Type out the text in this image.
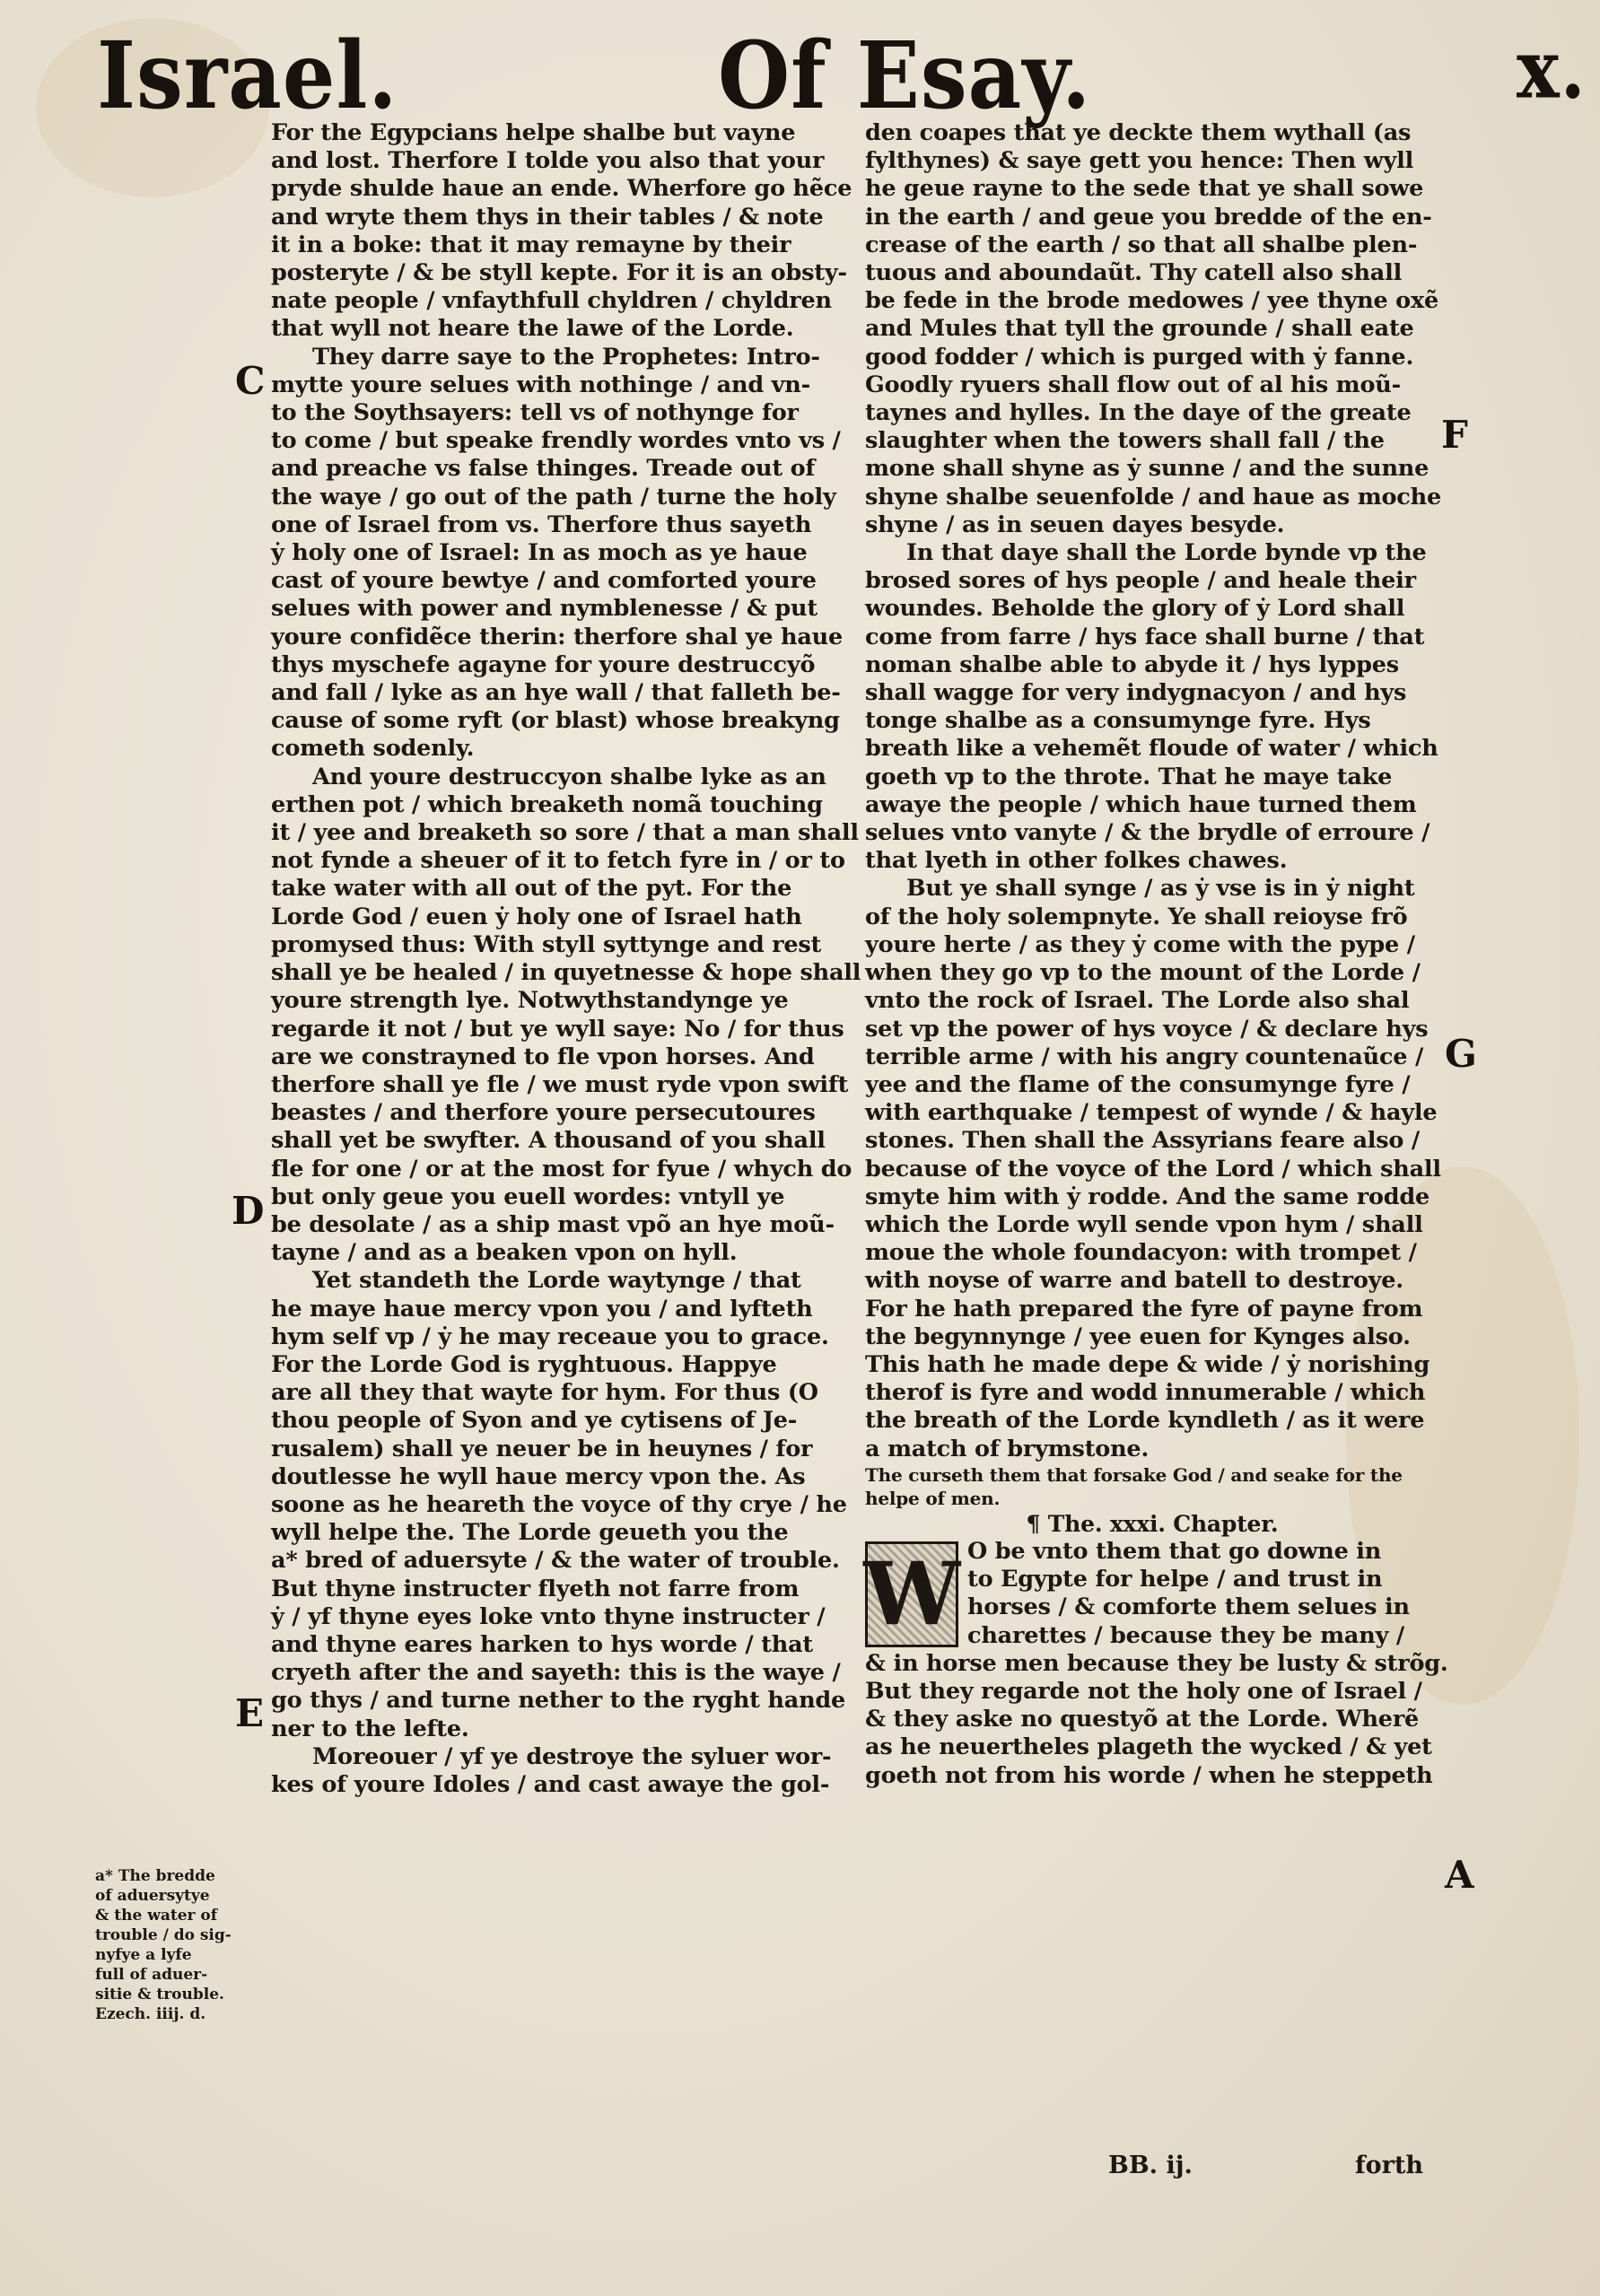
Israel.	Of Esay.	x.
C
D
E
F
G
A

For the Egypcians helpe shalbe but vayne
and lost. Therfore I tolde you also that your
pryde shulde haue an ende. Wherfore go hẽce
and wryte them thys in their tables / & note
it in a boke: that it may remayne by their
posteryte / & be styll kepte. For it is an obsty-
nate people / vnfaythfull chyldren / chyldren
that wyll not heare the lawe of the Lorde.

They darre saye to the Prophetes: Intro-
mytte youre selues with nothinge / and vn-
to the Soythsayers: tell vs of nothynge for
to come / but speake frendly wordes vnto vs /
and preache vs false thinges. Treade out of
the waye / go out of the path / turne the holy
one of Israel from vs. Therfore thus sayeth
ẏ holy one of Israel: In as moch as ye haue
cast of youre bewtye / and comforted youre
selues with power and nymblenesse / & put
youre confidẽce therin: therfore shal ye haue
thys myschefe agayne for youre destruccyõ
and fall / lyke as an hye wall / that falleth be-
cause of some ryft (or blast) whose breakyng
cometh sodenly.

And youre destruccyon shalbe lyke as an
erthen pot / which breaketh nomã touching
it / yee and breaketh so sore / that a man shall
not fynde a sheuer of it to fetch fyre in / or to
take water with all out of the pyt. For the
Lorde God / euen ẏ holy one of Israel hath
promysed thus: With styll syttynge and rest
shall ye be healed / in quyetnesse & hope shall
youre strength lye. Notwythstandynge ye
regarde it not / but ye wyll saye: No / for thus
are we constrayned to fle vpon horses. And
therfore shall ye fle / we must ryde vpon swift
beastes / and therfore youre persecutoures
shall yet be swyfter. A thousand of you shall
fle for one / or at the most for fyue / whych do
but only geue you euell wordes: vntyll ye
be desolate / as a ship mast vpõ an hye moũ-
tayne / and as a beaken vpon on hyll.

Yet standeth the Lorde waytynge / that
he maye haue mercy vpon you / and lyfteth
hym self vp / ẏ he may receaue you to grace.
For the Lorde God is ryghtuous. Happye
are all they that wayte for hym. For thus (O
thou people of Syon and ye cytisens of Je-
rusalem) shall ye neuer be in heuynes / for
doutlesse he wyll haue mercy vpon the. As
soone as he heareth the voyce of thy crye / he
wyll helpe the. The Lorde geueth you the
a* bred of aduersyte / & the water of trouble.
But thyne instructer flyeth not farre from
ẏ / yf thyne eyes loke vnto thyne instructer /
and thyne eares harken to hys worde / that
cryeth after the and sayeth: this is the waye /
go thys / and turne nether to the ryght hande
ner to the lefte.

Moreouer / yf ye destroye the syluer wor-
kes of youre Idoles / and cast awaye the gol-

a* The bredde
of aduersytye
& the water of
trouble / do sig-
nyfye a lyfe
full of aduer-
sitie & trouble.
Ezech. iiij. d.

den coapes that ye deckte them wythall (as
fylthynes) & saye gett you hence: Then wyll
he geue rayne to the sede that ye shall sowe
in the earth / and geue you bredde of the en-
crease of the earth / so that all shalbe plen-
tuous and aboundaũt. Thy catell also shall
be fede in the brode medowes / yee thyne oxẽ
and Mules that tyll the grounde / shall eate
good fodder / which is purged with ẏ fanne.
Goodly ryuers shall flow out of al his moũ-
taynes and hylles. In the daye of the greate
slaughter when the towers shall fall / the
mone shall shyne as ẏ sunne / and the sunne
shyne shalbe seuenfolde / and haue as moche
shyne / as in seuen dayes besyde.

In that daye shall the Lorde bynde vp the
brosed sores of hys people / and heale their
woundes. Beholde the glory of ẏ Lord shall
come from farre / hys face shall burne / that
noman shalbe able to abyde it / hys lyppes
shall wagge for very indygnacyon / and hys
tonge shalbe as a consumynge fyre. Hys
breath like a vehemẽt floude of water / which
goeth vp to the throte. That he maye take
awaye the people / which haue turned them
selues vnto vanyte / & the brydle of erroure /
that lyeth in other folkes chawes.

But ye shall synge / as ẏ vse is in ẏ night
of the holy solempnyte. Ye shall reioyse frõ
youre herte / as they ẏ come with the pype /
when they go vp to the mount of the Lorde /
vnto the rock of Israel. The Lorde also shal
set vp the power of hys voyce / & declare hys
terrible arme / with his angry countenaũce /
yee and the flame of the consumynge fyre /
with earthquake / tempest of wynde / & hayle
stones. Then shall the Assyrians feare also /
because of the voyce of the Lord / which shall
smyte him with ẏ rodde. And the same rodde
which the Lorde wyll sende vpon hym / shall
moue the whole foundacyon: with trompet /
with noyse of warre and batell to destroye.
For he hath prepared the fyre of payne from
the begynnynge / yee euen for Kynges also.
This hath he made depe & wide / ẏ norishing
therof is fyre and wodd innumerable / which
the breath of the Lorde kyndleth / as it were
a match of brymstone.

The curseth them that forsake God / and seake for the helpe of men.

¶ The. xxxi. Chapter.

W O be vnto them that go downe in
to Egypte for helpe / and trust in
horses / & comforte them selues in
charettes / because they be many /
& in horse men because they be lusty & strõg.
But they regarde not the holy one of Israel /
& they aske no questyõ at the Lorde. Wherẽ
as he neuertheles plageth the wycked / & yet
goeth not from his worde / when he steppeth
BB. ij.	forth
